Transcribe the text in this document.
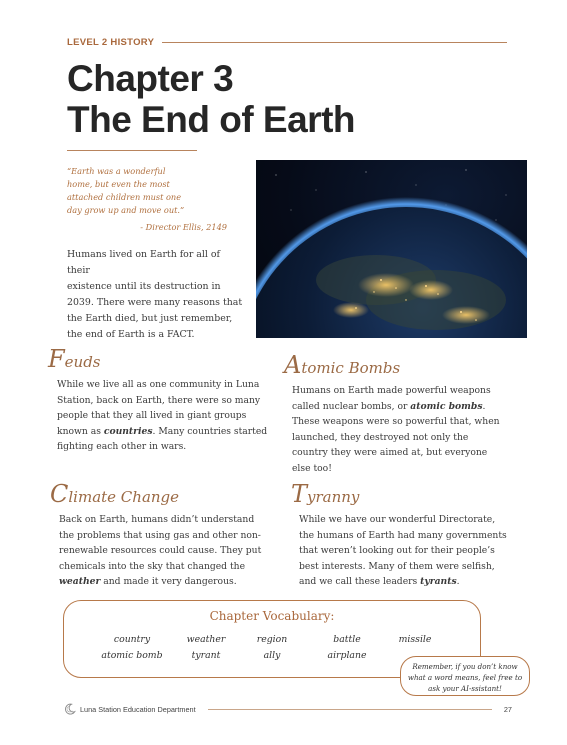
LEVEL 2 HISTORY
Chapter 3
The End of Earth
“Earth was a wonderful
home, but even the most
attached children must one
day grow up and move out.”
- Director Ellis, 2149
Humans lived on Earth for all of their
existence until its destruction in
2039. There were many reasons that
the Earth died, but just remember,
the end of Earth is a FACT.
Feuds
While we live all as one community in Luna
Station, back on Earth, there were so many
people that they all lived in giant groups
known as countries. Many countries started
fighting each other in wars.
Atomic Bombs
Humans on Earth made powerful weapons
called nuclear bombs, or atomic bombs.
These weapons were so powerful that, when
launched, they destroyed not only the
country they were aimed at, but everyone
else too!
Climate Change
Back on Earth, humans didn’t understand
the problems that using gas and other non-
renewable resources could cause. They put
chemicals into the sky that changed the
weather and made it very dangerous.
Tyranny
While we have our wonderful Directorate,
the humans of Earth had many governments
that weren’t looking out for their people’s
best interests. Many of them were selfish,
and we call these leaders tyrants.
Chapter Vocabulary:
country	weather	region	battle	missile
atomic bomb	tyrant	ally	airplane
Remember, if you don’t know
what a word means, feel free to
ask your AI-ssistant!
Luna Station Education Department	27
